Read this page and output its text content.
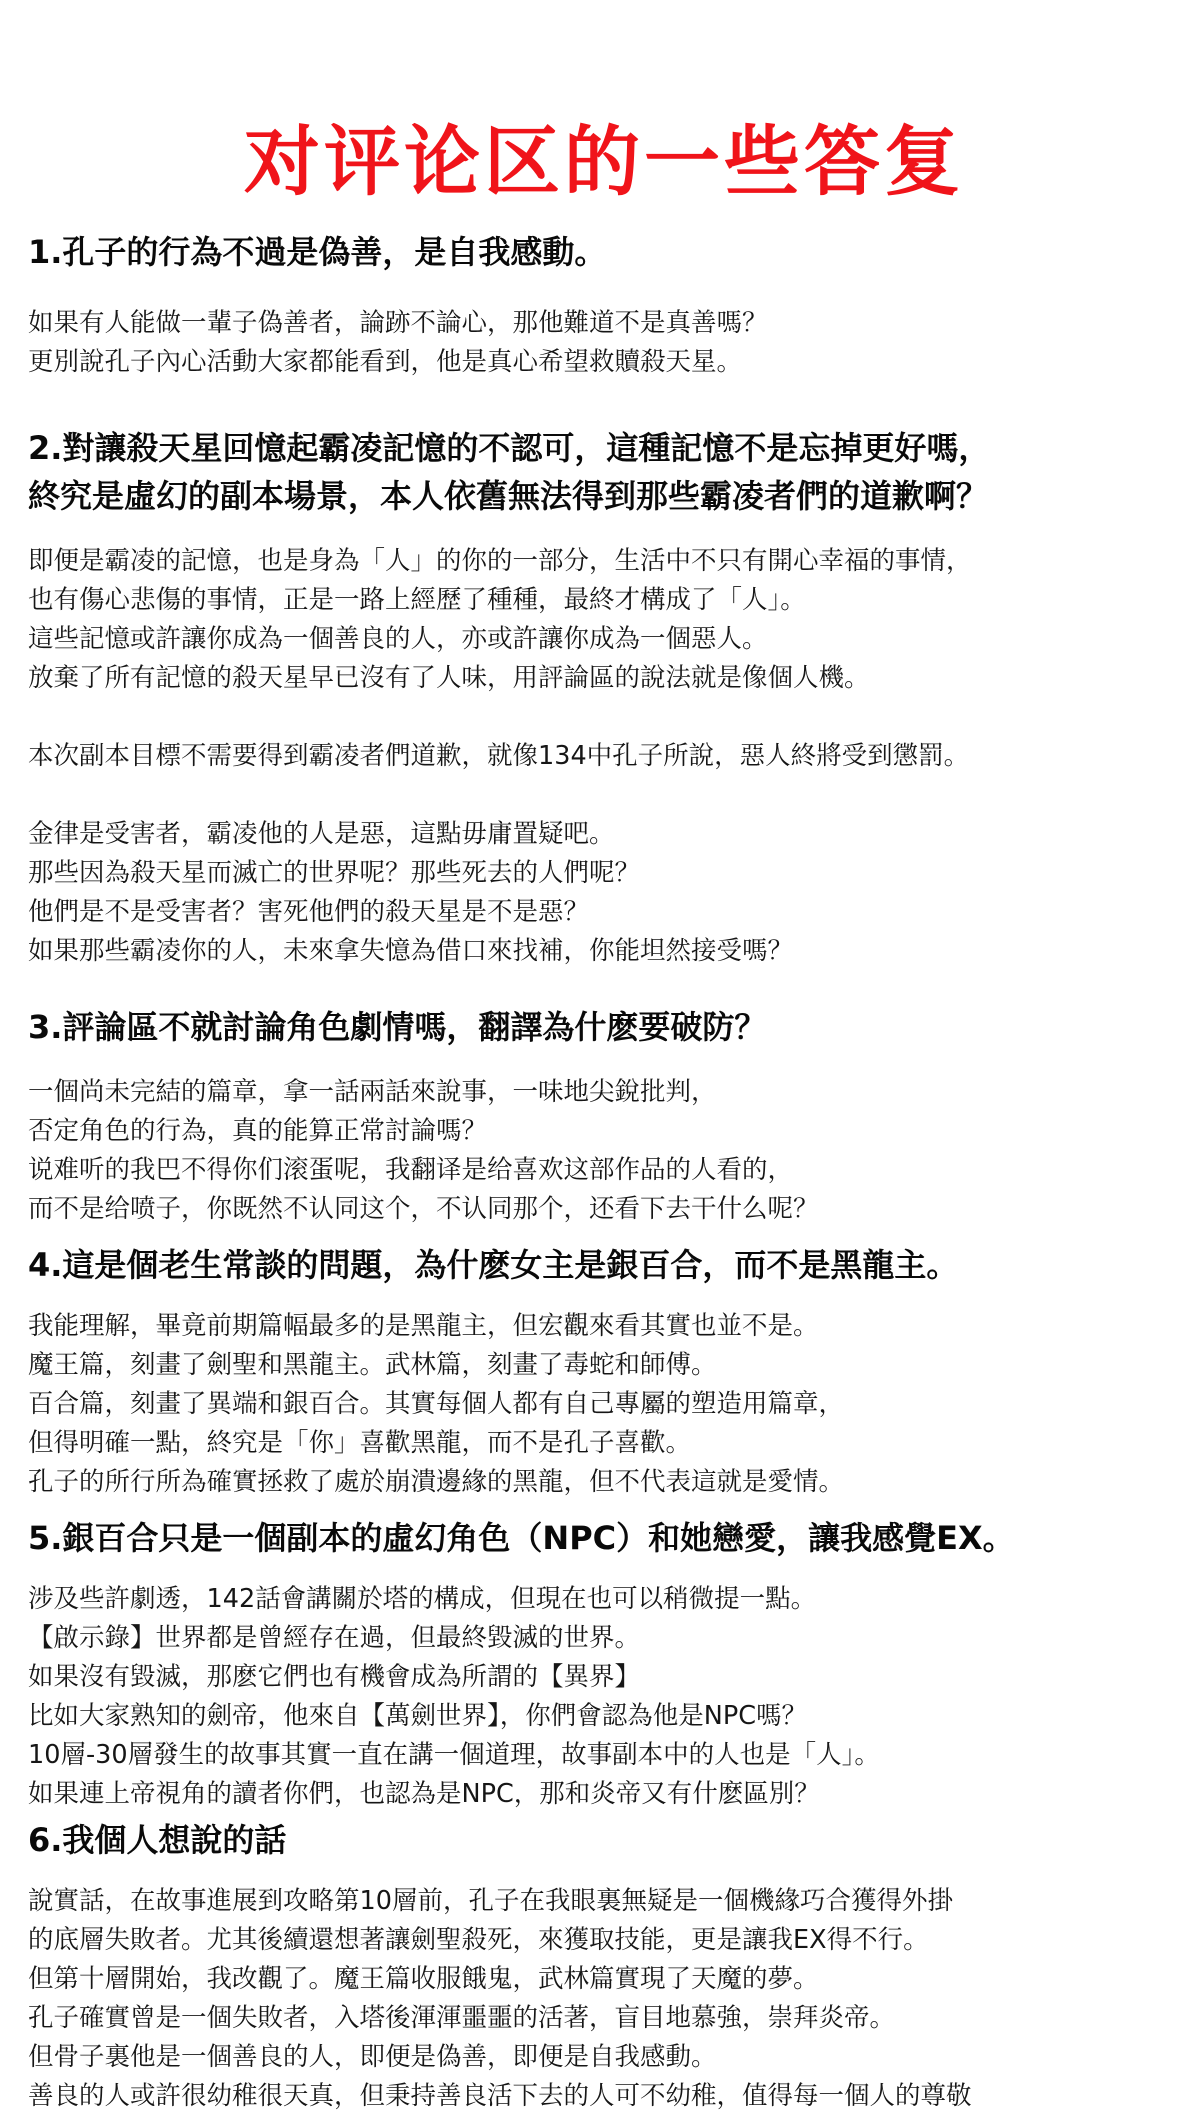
对评论区的一些答复
1.孔子的行為不過是偽善，是自我感動。
如果有人能做一輩子偽善者，論跡不論心，那他難道不是真善嗎？
更別說孔子內心活動大家都能看到，他是真心希望救贖殺天星。
2.對讓殺天星回憶起霸凌記憶的不認可，這種記憶不是忘掉更好嗎，
終究是虛幻的副本場景，本人依舊無法得到那些霸凌者們的道歉啊？
即便是霸凌的記憶，也是身為「人」的你的一部分，生活中不只有開心幸福的事情，
也有傷心悲傷的事情，正是一路上經歷了種種，最終才構成了「人」。
這些記憶或許讓你成為一個善良的人，亦或許讓你成為一個惡人。
放棄了所有記憶的殺天星早已沒有了人味，用評論區的說法就是像個人機。
本次副本目標不需要得到霸凌者們道歉，就像134中孔子所說，惡人終將受到懲罰。
金律是受害者，霸凌他的人是惡，這點毋庸置疑吧。
那些因為殺天星而滅亡的世界呢？那些死去的人們呢？
他們是不是受害者？害死他們的殺天星是不是惡？
如果那些霸凌你的人，未來拿失憶為借口來找補，你能坦然接受嗎？
3.評論區不就討論角色劇情嗎，翻譯為什麽要破防？
一個尚未完結的篇章，拿一話兩話來說事，一味地尖銳批判，
否定角色的行為，真的能算正常討論嗎？
说难听的我巴不得你们滚蛋呢，我翻译是给喜欢这部作品的人看的，
而不是给喷子，你既然不认同这个，不认同那个，还看下去干什么呢？
4.這是個老生常談的問題，為什麽女主是銀百合，而不是黑龍主。
我能理解，畢竟前期篇幅最多的是黑龍主，但宏觀來看其實也並不是。
魔王篇，刻畫了劍聖和黑龍主。武林篇，刻畫了毒蛇和師傅。
百合篇，刻畫了異端和銀百合。其實每個人都有自己專屬的塑造用篇章，
但得明確一點，終究是「你」喜歡黑龍，而不是孔子喜歡。
孔子的所行所為確實拯救了處於崩潰邊緣的黑龍，但不代表這就是愛情。
5.銀百合只是一個副本的虛幻角色（NPC）和她戀愛，讓我感覺EX。
涉及些許劇透，142話會講關於塔的構成，但現在也可以稍微提一點。
【啟示錄】世界都是曾經存在過，但最終毀滅的世界。
如果沒有毀滅，那麽它們也有機會成為所謂的【異界】
比如大家熟知的劍帝，他來自【萬劍世界】，你們會認為他是NPC嗎？
10層-30層發生的故事其實一直在講一個道理，故事副本中的人也是「人」。
如果連上帝視角的讀者你們，也認為是NPC，那和炎帝又有什麽區別？
6.我個人想說的話
說實話，在故事進展到攻略第10層前，孔子在我眼裏無疑是一個機緣巧合獲得外掛
的底層失敗者。尤其後續還想著讓劍聖殺死，來獲取技能，更是讓我EX得不行。
但第十層開始，我改觀了。魔王篇收服餓鬼，武林篇實現了天魔的夢。
孔子確實曾是一個失敗者，入塔後渾渾噩噩的活著，盲目地慕強，崇拜炎帝。
但骨子裏他是一個善良的人，即便是偽善，即便是自我感動。
善良的人或許很幼稚很天真，但秉持善良活下去的人可不幼稚，值得每一個人的尊敬
